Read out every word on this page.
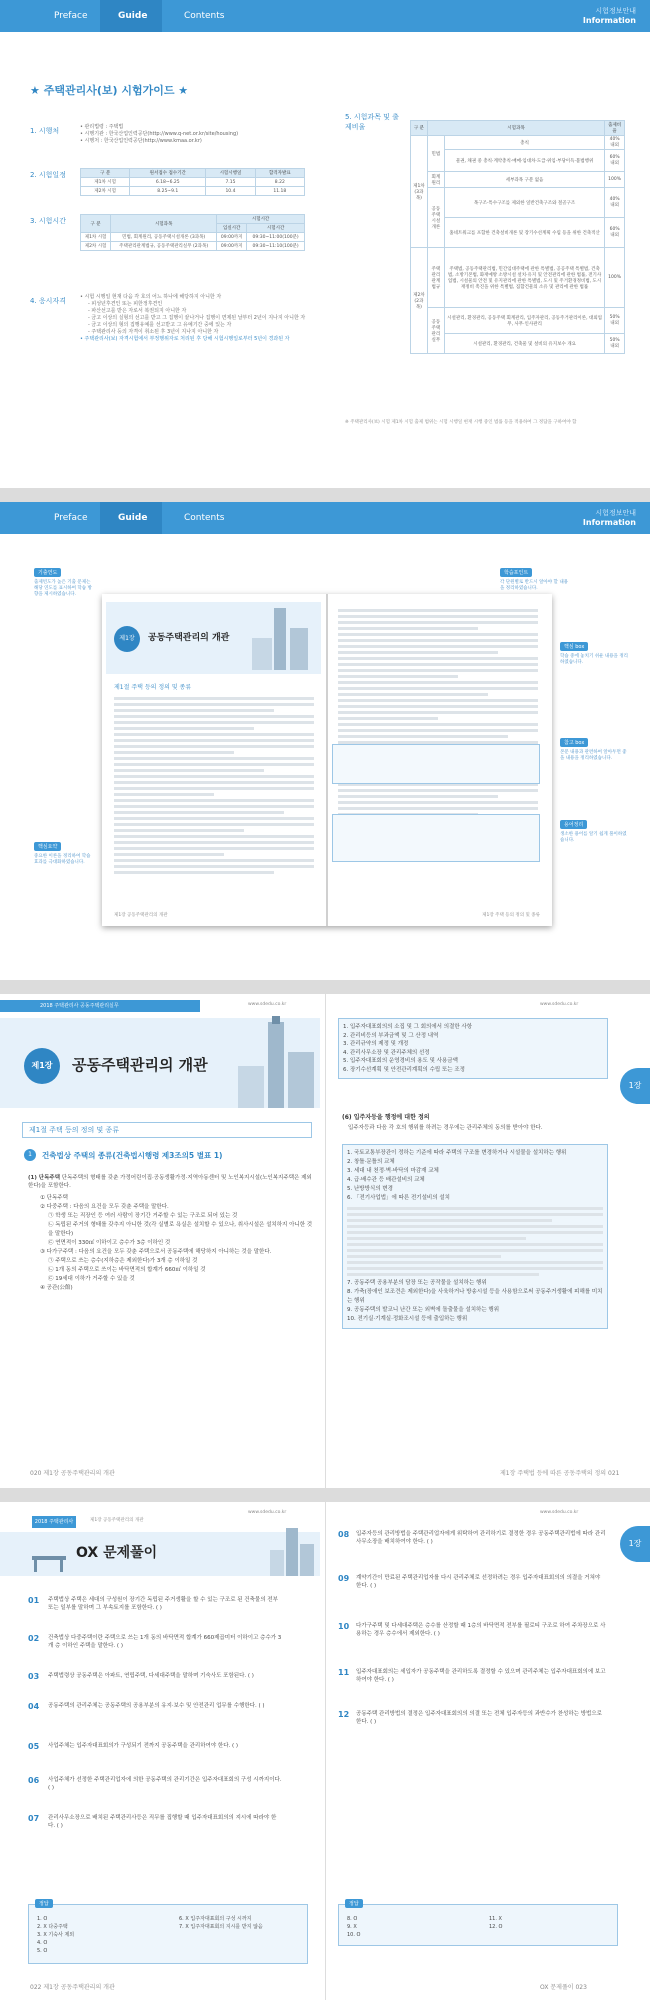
Preface	Guide	Contents	시험정보안내
Information
★ 주택관리사(보) 시험가이드 ★
1. 시행처	• 관리법령 : 주택법
• 시행기관 : 한국산업인력공단(http://www.q-net.or.kr/site/housing)
• 시행처 : 한국산업인력공단(http://www.kmaa.or.kr)
2. 시험일정	구 분	원서접수 접수기간	시험시행일	합격자발표
제1차 시험	6.18~6.25	7.15	8.22
제2차 시험	8.25~9.1	10.4	11.18
3. 시험시간	구 분	시험과목	시험시간	
		입실시간	시험시간
제1차 시험	민법, 회계원리, 공동주택시설개론 (3과목)	09:00까지	09:30~11:00(100분)
제2차 시험	주택관리관계법규, 공동주택관리실무 (2과목)	09:00까지	09:30~11:10(100분)
4. 응시자격	• 시험 시행일 현재 다음 각 호의 어느 하나에 해당하지 아니한 자
- 피성년후견인 또는 피한정후견인
- 파산선고를 받은 자로서 복권되지 아니한 자
- 금고 이상의 실형의 선고를 받고 그 집행이 끝나거나 집행이 면제된 날부터 2년이 지나지 아니한 자
- 금고 이상의 형의 집행유예를 선고받고 그 유예기간 중에 있는 자
- 주택관리사 등의 자격이 취소된 후 3년이 지나지 아니한 자
• 주택관리사(보) 자격시험에서 부정행위자로 처리된 후 당해 시험시행일로부터 5년이 경과된 자
5. 시험과목 및 출제비율	구 분	시험과목		출제비율
제1차 (3과목)	민법	총칙	40% 내외
		물권, 채권 중 총칙·계약총칙·매매·임대차·도급·위임·부당이득·불법행위	60% 내외
	회계원리	세부과목 구분 없음	100%
	공동주택시설개론	목구조·특수구조를 제외한 일반건축구조와 철골구조	40% 내외
		홈네트워크를 포함한 건축설비개론 및 장기수선계획 수립 등을 위한 건축적산	60% 내외
제2차 (2과목)	주택관리관계법규	주택법, 공동주택관리법, 민간임대주택에 관한 특별법, 공공주택 특별법, 건축법, 소방기본법, 화재예방 소방시설 설치·유지 및 안전관리에 관한 법률, 전기사업법, 시설물의 안전 및 유지관리에 관한 특별법, 도시 및 주거환경정비법, 도시재정비 촉진을 위한 특별법, 집합건물의 소유 및 관리에 관한 법률	100%
	공동주택관리실무	시설관리, 환경관리, 공동주택 회계관리, 입주자관리, 공동주거관리이론, 대외업무, 사무·인사관리	50% 내외
		시설관리, 환경관리, 건축물 및 설비의 유지보수 개요	50% 내외
※ 주택관리사(보) 시험 제1차 시험 출제 범위는 시험 시행일 현재 시행 중인 법률 등을 적용하여 그 정답을 구하여야 함
Preface	Guide	Contents	시험정보안내
Information
제1장	공동주택관리의 개관
제1절 주택 등의 정의 및 종류
제1장 공동주택관리의 개관	제1장 주택 등의 정의 및 종류
기출연도
출제빈도가 높은 기출 문제는 해당 연도를 표시하여 학습 방향을 제시하였습니다.
핵심요약
중요한 이론을 정리하여 학습 효과를 극대화하였습니다.
학습포인트
각 단원별로 반드시 알아야 할 내용을 정리하였습니다.
핵심 box
학습 중에 놓치기 쉬운 내용을 정리하였습니다.
참고 box
본문 내용과 관련하여 알아두면 좋을 내용을 정리하였습니다.
용어정리
생소한 용어를 알기 쉽게 풀이하였습니다.
2018 주택관리사 공동주택관리실무	www.sdedu.co.kr
제1장	공동주택관리의 개관
제1절 주택 등의 정의 및 종류
1	건축법상 주택의 종류(건축법시행령 제3조의5 별표 1)
(1) 단독주택 단독주택의 형태를 갖춘 가정어린이집·공동생활가정·지역아동센터 및 노인복지시설(노인복지주택은 제외한다)을 포함한다.
① 단독주택
② 다중주택 : 다음의 요건을 모두 갖춘 주택을 말한다.
㉠ 학생 또는 직장인 등 여러 사람이 장기간 거주할 수 있는 구조로 되어 있는 것
㉡ 독립된 주거의 형태를 갖추지 아니한 것(각 실별로 욕실은 설치할 수 있으나, 취사시설은 설치하지 아니한 것을 말한다)
㉢ 연면적이 330㎡ 이하이고 층수가 3층 이하인 것
③ 다가구주택 : 다음의 요건을 모두 갖춘 주택으로서 공동주택에 해당하지 아니하는 것을 말한다.
㉠ 주택으로 쓰는 층수(지하층은 제외한다)가 3개 층 이하일 것
㉡ 1개 동의 주택으로 쓰이는 바닥면적의 합계가 660㎡ 이하일 것
㉢ 19세대 이하가 거주할 수 있을 것
④ 공관(公館)
020 제1장 공동주택관리의 개관
www.sdedu.co.kr
1장
1. 입주자대표회의의 소집 및 그 회의에서 의결한 사항
2. 관리비등의 부과금액 및 그 산정 내역
3. 관리규약의 제정 및 개정
4. 관리사무소장 및 관리주체의 선정
5. 입주자대표회의 운영경비의 용도 및 사용금액
6. 장기수선계획 및 안전관리계획의 수립 또는 조정
(6) 입주자등을 행정에 대한 정의
입주자등과 다음 각 호의 행위를 하려는 경우에는 관리주체의 동의를 받아야 한다.
1. 국토교통부장관이 정하는 기준에 따라 주택의 구조를 변경하거나 시설물을 설치하는 행위
2. 창틀·문틀의 교체
3. 세대 내 천정·벽·바닥의 마감재 교체
4. 급·배수관 등 배관설비의 교체
5. 난방방식의 변경
6. 「전기사업법」에 따른 전기설비의 설치
7. 공동주택 공용부분의 담장 또는 공작물을 설치하는 행위
8. 가축(장애인 보조견은 제외한다)을 사육하거나 방송시설 등을 사용함으로써 공동주거생활에 피해를 미치는 행위
9. 공동주택의 발코니 난간 또는 외벽에 돌출물을 설치하는 행위
10. 전기실·기계실·정화조시설 등에 출입하는 행위
제1장 주택법 등에 따른 공동주택의 정의 021
2018 주택관리사	제1장 공동주택관리의 개관
www.sdedu.co.kr
OX 문제풀이
01 주택법상 주택은 세대의 구성원이 장기간 독립된 주거생활을 할 수 있는 구조로 된 건축물의 전부 또는 일부를 말하며 그 부속토지를 포함한다. ( )
02 건축법상 다중주택이란 주택으로 쓰는 1개 동의 바닥면적 합계가 660제곱미터 이하이고 층수가 3개 층 이하인 주택을 말한다. ( )
03 주택법령상 공동주택은 아파트, 연립주택, 다세대주택을 말하며 기숙사도 포함된다. ( )
04 공동주택의 관리주체는 공동주택의 공용부분의 유지·보수 및 안전관리 업무를 수행한다. ( )
05 사업주체는 입주자대표회의가 구성되기 전까지 공동주택을 관리하여야 한다. ( )
06 사업주체가 선정한 주택관리업자에 의한 공동주택의 관리기간은 입주자대표회의 구성 시까지이다. ( )
07 관리사무소장으로 배치된 주택관리사등은 직무를 집행할 때 입주자대표회의의 지시에 따라야 한다. ( )
정답
1. O
2. X 다중주택
3. X 기숙사 제외
4. O
5. O
6. X 입주자대표회의 구성 시까지
7. X 입주자대표회의 지시를 받지 않음
022 제1장 공동주택관리의 개관
www.sdedu.co.kr
1장
08 입주자등의 관리방법을 주택관리업자에게 위탁하여 관리하기로 결정한 경우 공동주택관리법에 따라 관리사무소장을 배치하여야 한다. ( )
09 계약기간이 만료된 주택관리업자를 다시 관리주체로 선정하려는 경우 입주자대표회의의 의결을 거쳐야 한다. ( )
10 다가구주택 및 다세대주택은 층수를 산정할 때 1층의 바닥면적 전부를 필로티 구조로 하여 주차장으로 사용하는 경우 층수에서 제외한다. ( )
11 입주자대표회의는 세입자가 공동주택을 관리하도록 결정할 수 있으며 관리주체는 입주자대표회의에 보고하여야 한다. ( )
12 공동주택 관리방법의 결정은 입주자대표회의의 의결 또는 전체 입주자등의 과반수가 찬성하는 방법으로 한다. ( )
정답
8. O
9. X
10. O
11. X
12. O
OX 문제풀이 023
